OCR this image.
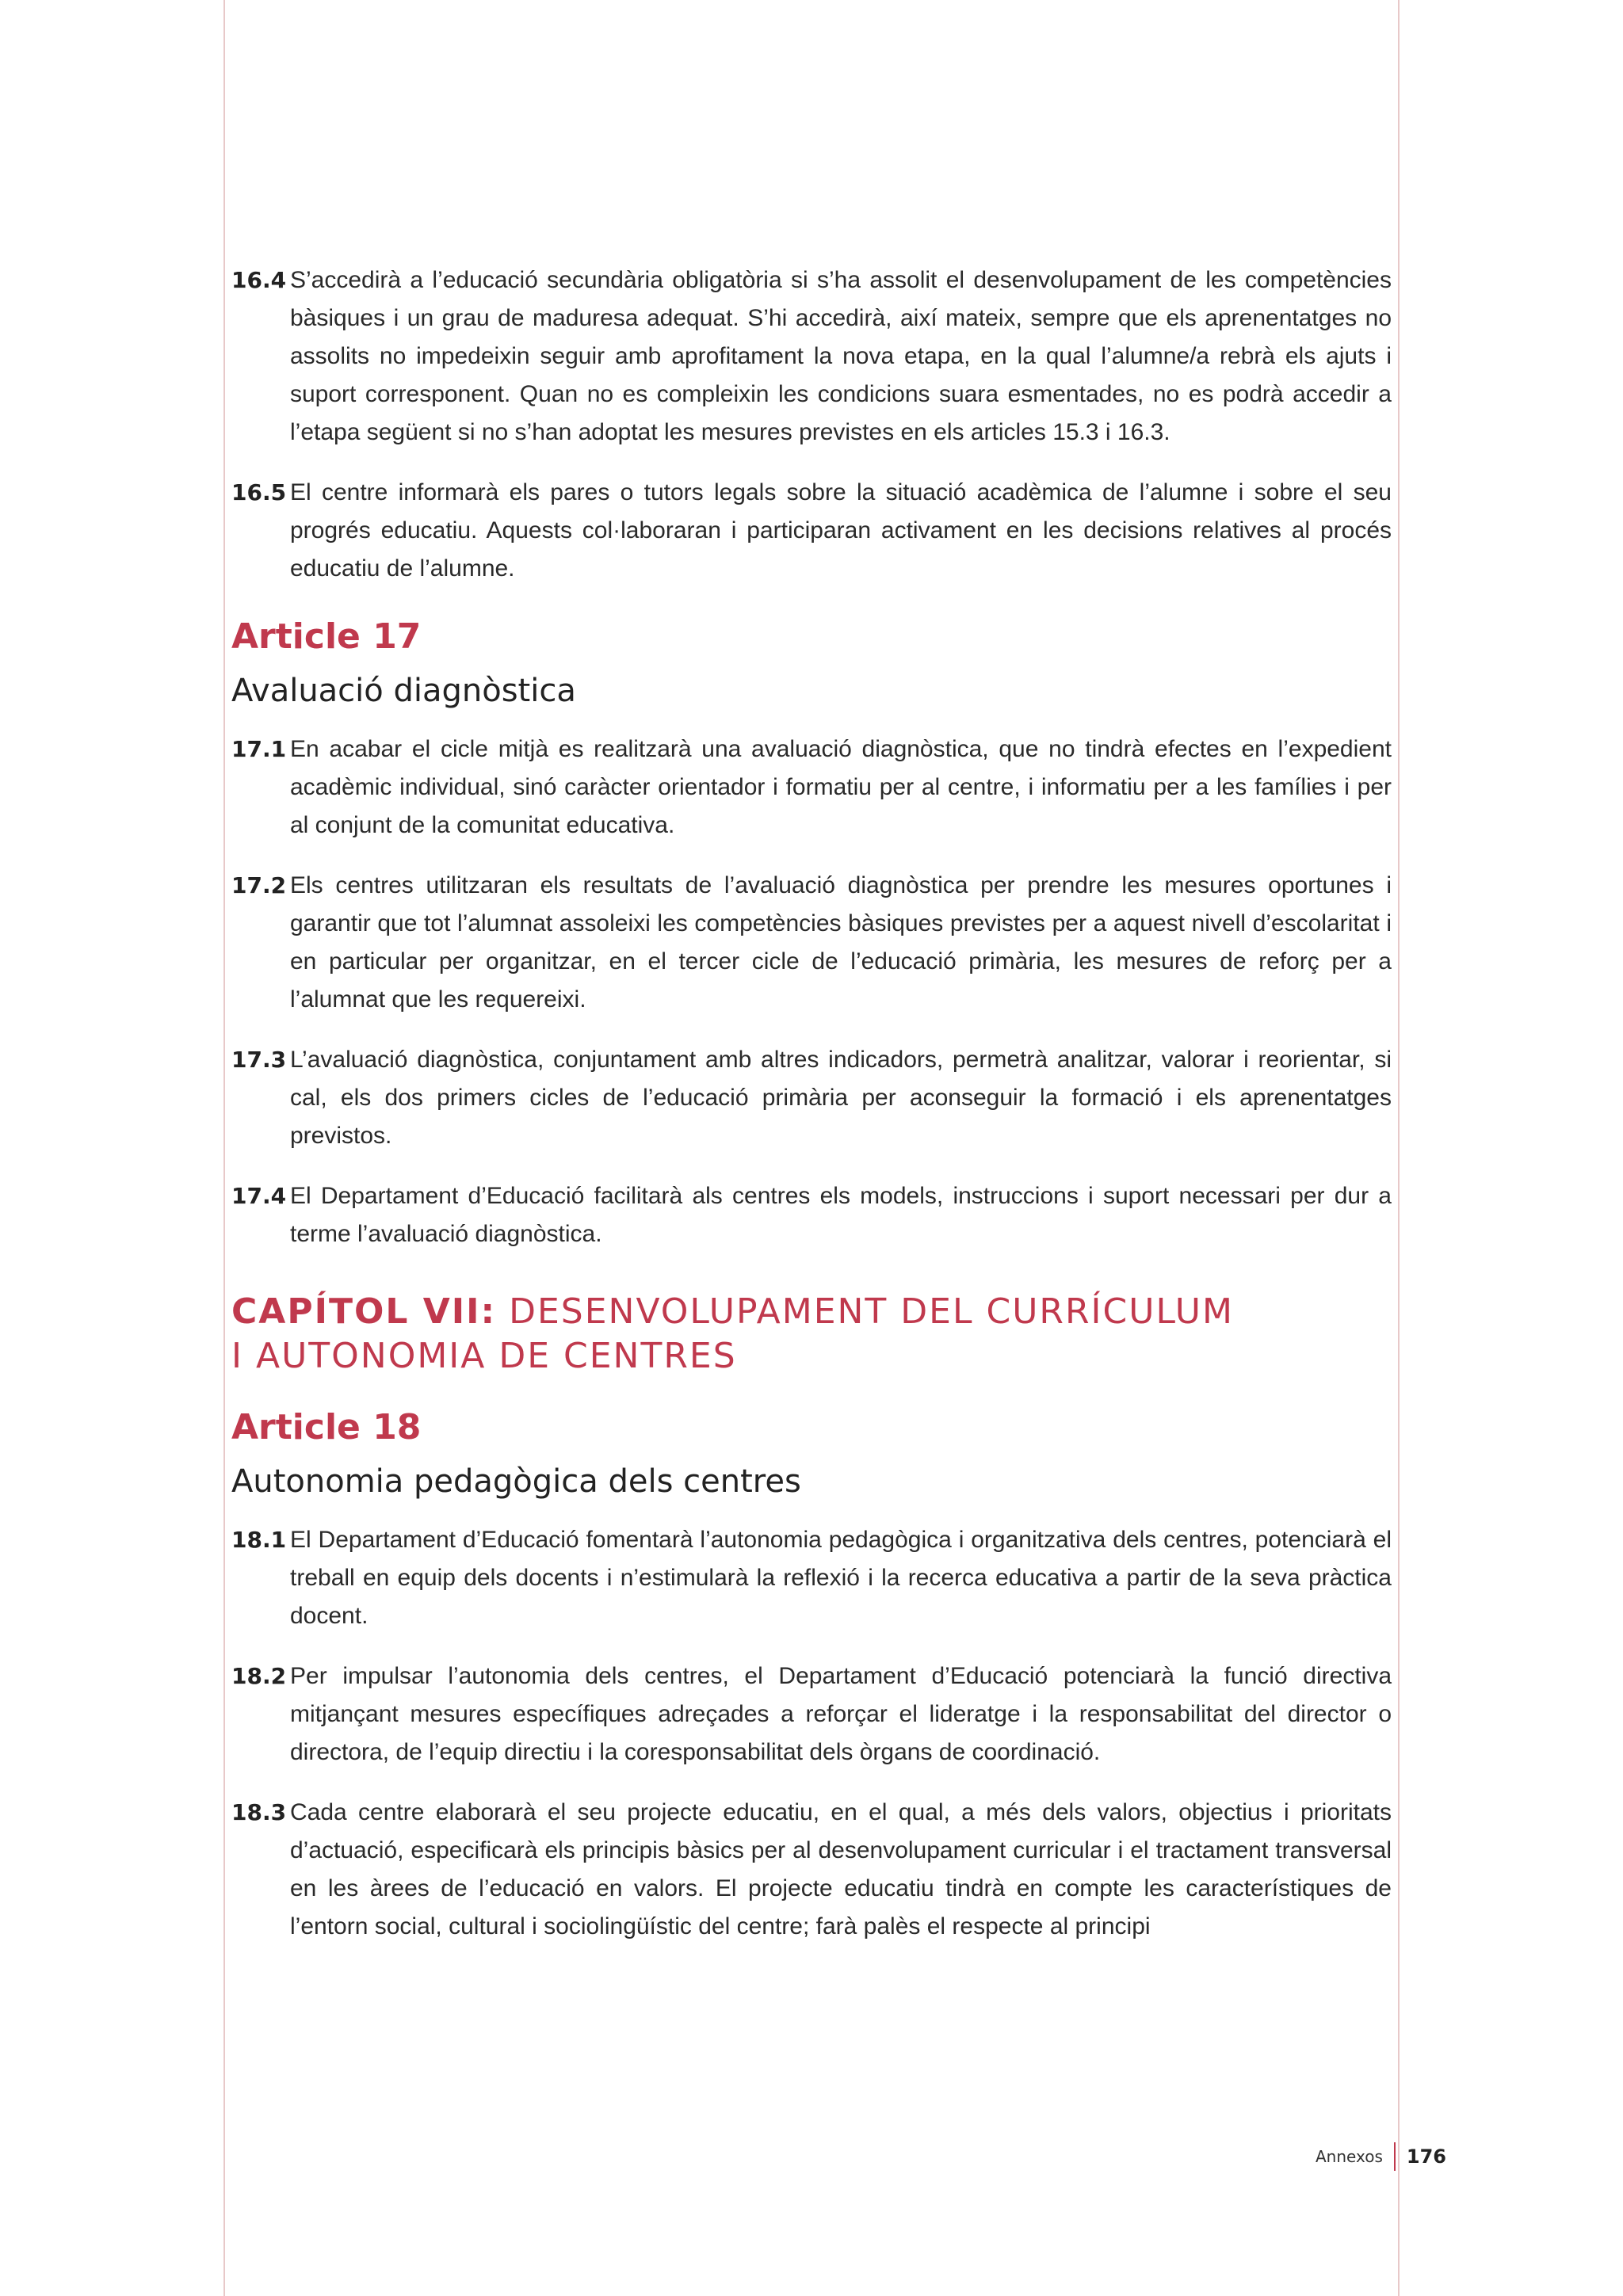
16.4 S’accedirà a l’educació secundària obligatòria si s’ha assolit el desenvolupament de les competències bàsiques i un grau de maduresa adequat. S’hi accedirà, així mateix, sempre que els aprenentatges no assolits no impedeixin seguir amb aprofitament la nova etapa, en la qual l’alumne/a rebrà els ajuts i suport corresponent. Quan no es compleixin les condicions suara esmentades, no es podrà accedir a l’etapa següent si no s’han adoptat les mesures previstes en els articles 15.3 i 16.3.
16.5 El centre informarà els pares o tutors legals sobre la situació acadèmica de l’alumne i sobre el seu progrés educatiu. Aquests col·laboraran i participaran activament en les decisions relatives al procés educatiu de l’alumne.
Article 17
Avaluació diagnòstica
17.1 En acabar el cicle mitjà es realitzarà una avaluació diagnòstica, que no tindrà efectes en l’expedient acadèmic individual, sinó caràcter orientador i formatiu per al centre, i informatiu per a les famílies i per al conjunt de la comunitat educativa.
17.2 Els centres utilitzaran els resultats de l’avaluació diagnòstica per prendre les mesures oportunes i garantir que tot l’alumnat assoleixi les competències bàsiques previstes per a aquest nivell d’escolaritat i en particular per organitzar, en el tercer cicle de l’educació primària, les mesures de reforç per a l’alumnat que les requereixi.
17.3 L’avaluació diagnòstica, conjuntament amb altres indicadors, permetrà analitzar, valorar i reorientar, si cal, els dos primers cicles de l’educació primària per aconseguir la formació i els aprenentatges previstos.
17.4 El Departament d’Educació facilitarà als centres els models, instruccions i suport necessari per dur a terme l’avaluació diagnòstica.
CAPÍTOL VII: DESENVOLUPAMENT DEL CURRÍCULUM
I AUTONOMIA DE CENTRES
Article 18
Autonomia pedagògica dels centres
18.1 El Departament d’Educació fomentarà l’autonomia pedagògica i organitzativa dels centres, potenciarà el treball en equip dels docents i n’estimularà la reflexió i la recerca educativa a partir de la seva pràctica docent.
18.2 Per impulsar l’autonomia dels centres, el Departament d’Educació potenciarà la funció directiva mitjançant mesures específiques adreçades a reforçar el lideratge i la responsabilitat del director o directora, de l’equip directiu i la coresponsabilitat dels òrgans de coordinació.
18.3 Cada centre elaborarà el seu projecte educatiu, en el qual, a més dels valors, objectius i prioritats d’actuació, especificarà els principis bàsics per al desenvolupament curricular i el tractament transversal en les àrees de l’educació en valors. El projecte educatiu tindrà en compte les característiques de l’entorn social, cultural i sociolingüístic del centre; farà palès el respecte al principi
Annexos	176
